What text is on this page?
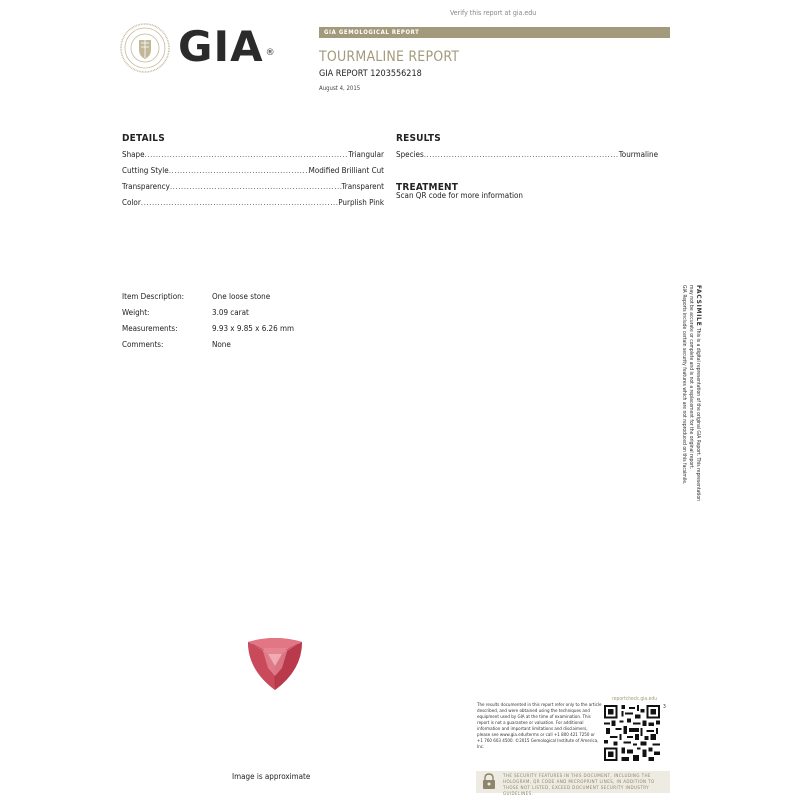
Verify this report at gia.edu
GIA ®
GIA GEMOLOGICAL REPORT
TOURMALINE REPORT
GIA REPORT 1203556218
August 4, 2015
DETAILS
Shape .....	Triangular
Cutting Style .....	Modified Brilliant Cut
Transparency .....	Transparent
Color .....	Purplish Pink
RESULTS
Species .....	Tourmaline
TREATMENT
Scan QR code for more information
Item Description:	One loose stone
Weight:	3.09 carat
Measurements:	9.93 x 9.85 x 6.26 mm
Comments:	None
FACSIMILE This is a digital representation of the original GIA Report. This representation
may not be accurate or complete and is not a replacement for the original report.
GIA Reports include certain security features which are not reproduced on this facsimile.
Image is approximate
The results documented in this report refer only to the article described, and were obtained using the techniques and equipment used by GIA at the time of examination. This report is not a guarantee or valuation. For additional information and important limitations and disclaimers, please see www.gia.edu/terms or call +1 800 421 7250 or +1 760 603 4500. ©2015 Gemological Institute of America, Inc.
reportcheck.gia.edu
3
THE SECURITY FEATURES IN THIS DOCUMENT, INCLUDING THE HOLOGRAM, QR CODE AND MICROPRINT LINES, IN ADDITION TO THOSE NOT LISTED, EXCEED DOCUMENT SECURITY INDUSTRY GUIDELINES.
